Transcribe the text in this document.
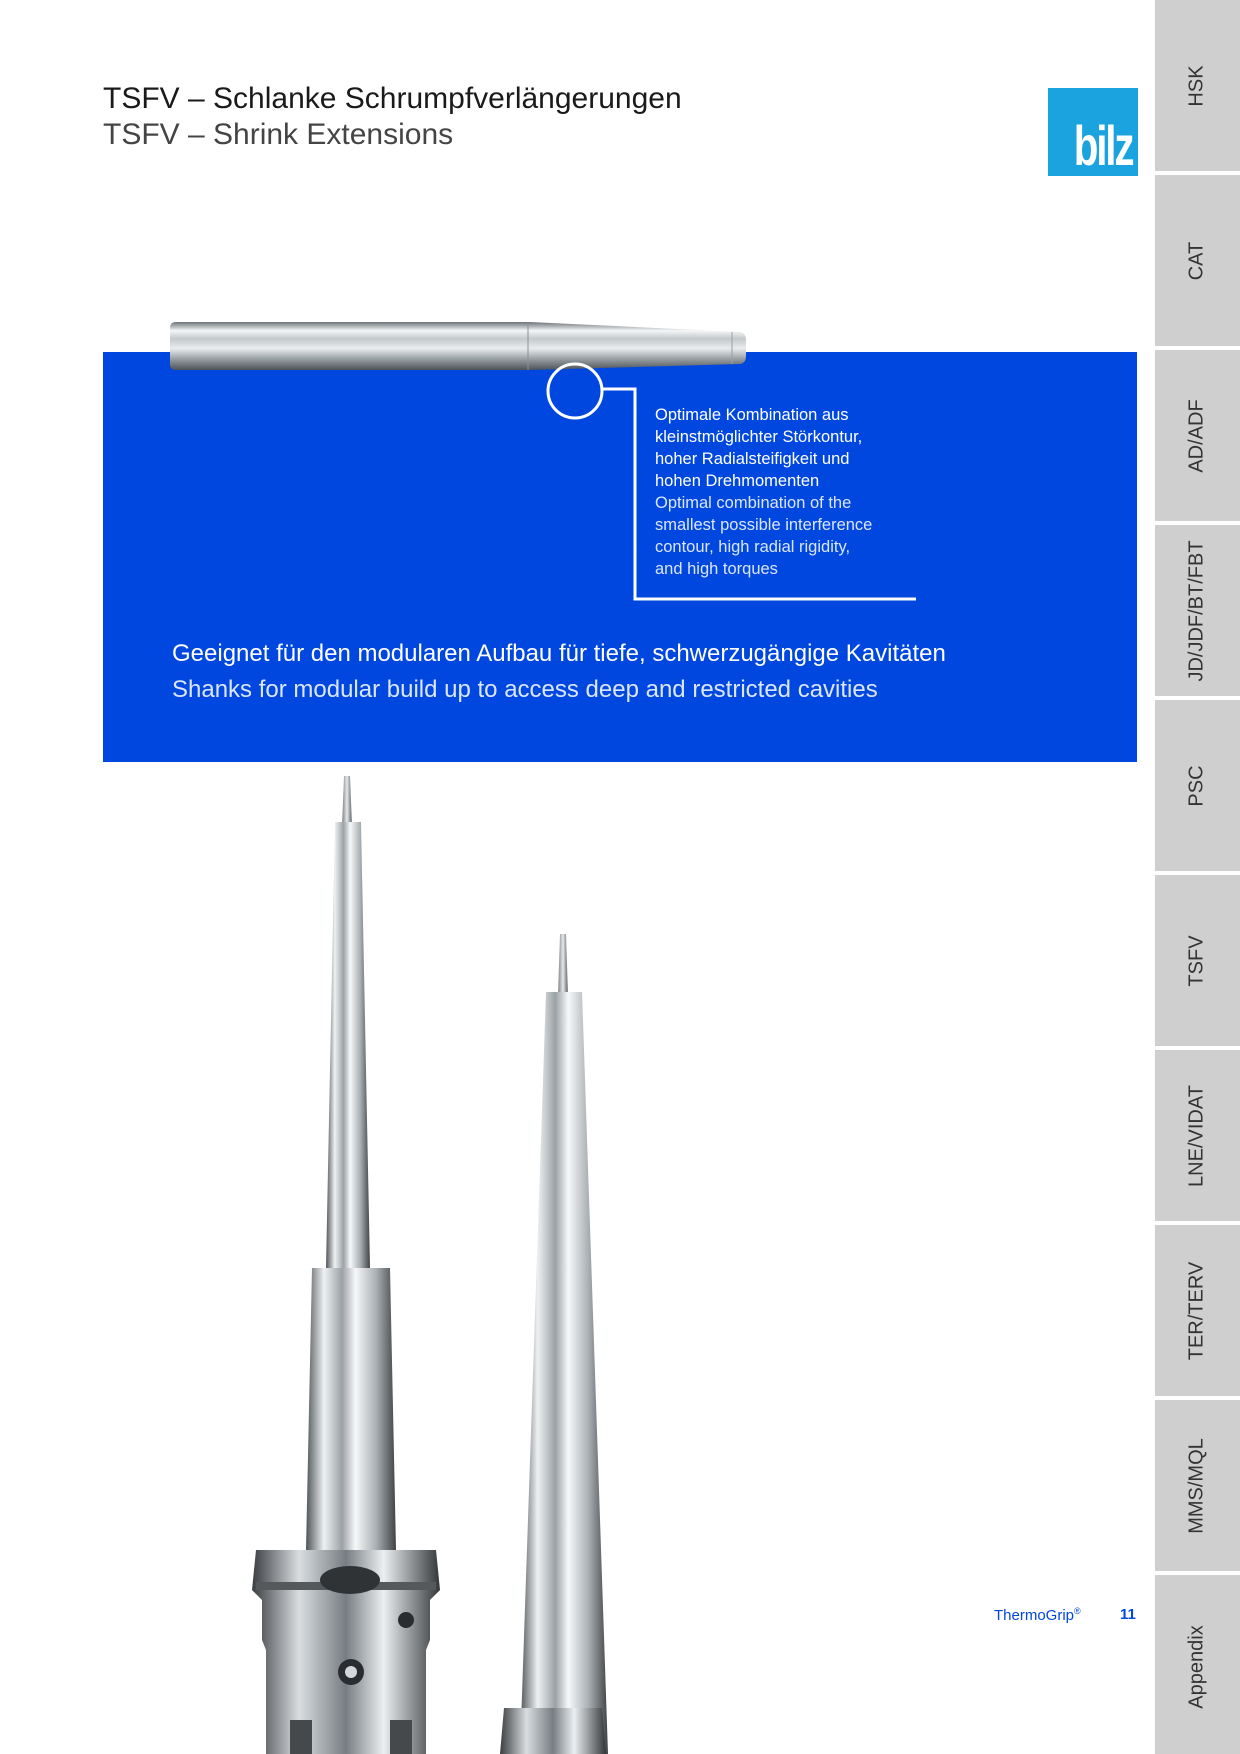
TSFV – Schlanke Schrumpfverlängerungen
TSFV – Shrink Extensions	bilz
Optimale Kombination aus
kleinstmöglichter Störkontur,
hoher Radialsteifigkeit und
hohen Drehmomenten
Optimal combination of the
smallest possible interference
contour, high radial rigidity,
and high torques
Geeignet für den modularen Aufbau für tiefe, schwerzugängige Kavitäten
Shanks for modular build up to access deep and restricted cavities
ThermoGrip®	11
HSK
CAT
AD/ADF
JD/JDF/BT/FBT
PSC
TSFV
LNE/VIDAT
TER/TERV
MMS/MQL
Appendix
